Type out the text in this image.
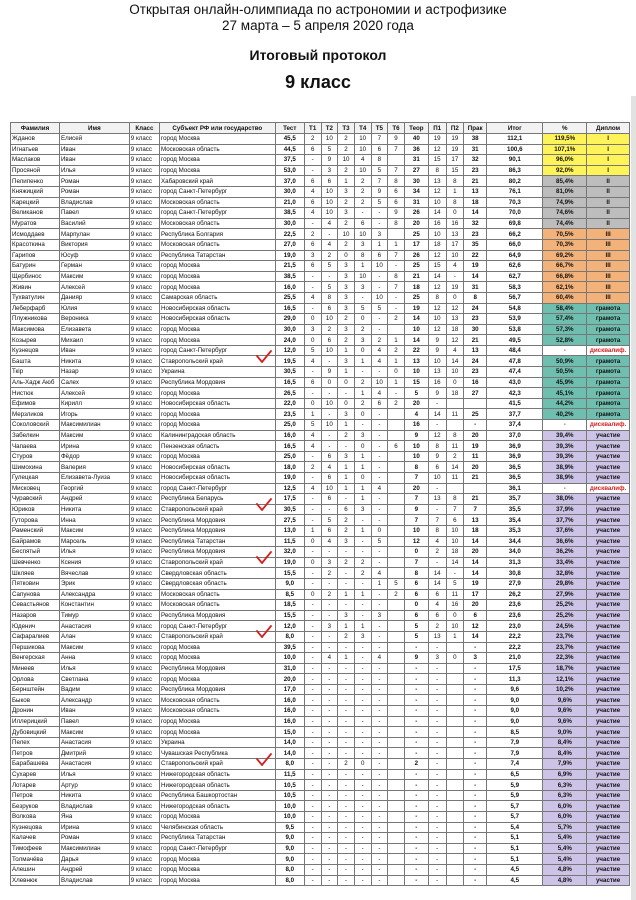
Открытая онлайн-олимпиада по астрономии и астрофизике
27 марта – 5 апреля 2020 года
Итоговый протокол
9 класс
Фамилия	Имя	Класс	Субъект РФ или государство	Тест	Т1	Т2	Т3	Т4	Т5	Т6	Теор	П1	П2	Прак	Итог	%	Диплом
Жданов	Елисей	9 класс	город Москва	45,5	2	10	2	10	7	9	40	19	19	38	112,1	119,5%	I
Игнатьев	Иван	9 класс	Московская область	44,5	6	5	2	10	6	7	36	12	19	31	100,6	107,1%	I
Маслаков	Иван	9 класс	город Москва	37,5	-	9	10	4	8		31	15	17	32	90,1	96,0%	I
Просяной	Илья	9 класс	город Москва	53,0	-	3	2	10	5	7	27	8	15	23	86,3	92,0%	I
Пелипенко	Роман	9 класс	Хабаровский край	37,0	6	6	1	2	7	8	30	13	8	21	80,2	85,4%	II
Княжицкий	Роман	9 класс	город Санкт-Петербург	30,0	4	10	3	2	9	6	34	12	1	13	76,1	81,0%	II
Карецкий	Владислав	9 класс	Московская область	21,0	6	10	2	2	5	6	31	10	8	18	70,3	74,9%	II
Великанов	Павел	9 класс	город Санкт-Петербург	38,5	4	10	3	-	-	9	26	14	0	14	70,0	74,6%	II
Муратов	Василий	9 класс	Московская область	30,0	-	4	2	6	-	8	20	16	16	32	69,8	74,4%	II
Исмоддаев	Марпулан	9 класс	Республика Болгария	22,5	2	-	10	10	3		25	10	13	23	66,2	70,5%	III
Красоткина	Виктория	9 класс	Московская область	27,0	6	4	2	3	1	1	17	18	17	35	66,0	70,3%	III
Гарипов	Юсуф	9 класс	Республика Татарстан	19,0	3	2	0	8	6	7	26	12	10	22	64,9	69,2%	III
Батурин	Герман	9 класс	город Москва	21,5	6	5	3	1	10	-	25	15	4	19	62,6	66,7%	III
Щербинос	Максим	9 класс	город Москва	38,5	-	-	3	10	-	8	21	14	-	14	62,7	66,8%	III
Живин	Алексей	9 класс	город Москва	16,0	-	5	3	3	-	7	18	12	19	31	58,3	62,1%	III
Тухватулин	Данияр	9 класс	Самарская область	25,5	4	8	3	-	10	-	25	8	0	8	56,7	60,4%	III
Леберфарб	Юлия	9 класс	Новосибирская область	16,5	-	6	3	5	5	-	19	12	12	24	54,8	58,4%	грамота
Плужникова	Вероника	9 класс	Новосибирская область	29,0	0	10	2	0	-	2	14	10	13	23	53,9	57,4%	грамота
Максимова	Елизавета	9 класс	город Москва	30,0	3	2	3	2	-		10	12	18	30	53,8	57,3%	грамота
Козырев	Михаил	9 класс	город Москва	24,0	0	6	2	3	2	1	14	9	12	21	49,5	52,8%	грамота
Кузнецов	Иван	9 класс	город Санкт-Петербург	12,0	5	10	1	0	4	2	22	9	4	13	48,4	-	дисквалиф.
Башта	Никита	9 класс	Ставропольский край	19,5	4	-	3	1	4	1	13	10	14	24	47,8	50,9%	грамота
Ткір	Назар	9 класс	Украина	30,5	-	9	1	-	-	0	10	13	10	23	47,4	50,5%	грамота
Аль-Хадж Аюб	Салех	9 класс	Республика Мордовия	16,5	6	0	0	2	10	1	15	16	0	16	43,0	45,9%	грамота
Нистюк	Алексей	9 класс	город Москва	26,5	-	-	-	1	4	-	5	9	18	27	42,3	45,1%	грамота
Ефимов	Кирилл	9 класс	Новосибирская область	22,0	0	10	0	2	6	2	20	-			41,5	44,2%	грамота
Мерзликов	Игорь	9 класс	город Москва	23,5	1	-	3	0	-		4	14	11	25	37,7	40,2%	грамота
Соколовский	Максимилиан	9 класс	город Москва	25,0	5	10	1	-	-		16	-		-	37,4	-	дисквалиф.
Забелкин	Максим	9 класс	Калининградская область	16,0	4	-	2	3	-		9	12	8	20	37,0	39,4%	участие
Чапаева	Ирина	9 класс	Пензенская область	16,5	4	-	-	0	-	6	10	8	11	19	36,9	39,3%	участие
Стуров	Фёдор	9 класс	город Москва	25,0	-	6	3	1	-		10	9	2	11	36,9	39,3%	участие
Шимохина	Валерия	9 класс	Новосибирская область	18,0	2	4	1	1	-		8	6	14	20	36,5	38,9%	участие
Гулецкая	Елизавета-Луиза	9 класс	Новосибирская область	19,0	-	6	1	0	-		7	10	11	21	36,5	38,9%	участие
Мисковец	Георгий	9 класс	город Санкт-Петербург	12,5	4	10	1	1	4		20	-			36,1	-	дисквалиф.
Чуравский	Андрей	9 класс	Республика Беларусь	17,5	-	6	-	1	-		7	13	8	21	35,7	38,0%	участие
Юриков	Никита	9 класс	Ставропольский край	30,5	-	-	6	3	-		9	-	7	7	35,5	37,9%	участие
Гуторова	Инна	9 класс	Республика Мордовия	27,5	-	5	2	-	-		7	7	6	13	35,4	37,7%	участие
Раменский	Максим	9 класс	Республика Мордовия	13,0	1	6	2	1	0		10	8	10	18	35,3	37,6%	участие
Байрамов	Марсель	9 класс	Республика Татарстан	11,5	0	4	3	-	5		12	4	10	14	34,4	36,6%	участие
Беспятый	Илья	9 класс	Республика Мордовия	32,0	-	-	-	-	-		0	2	18	20	34,0	36,2%	участие
Шевченко	Ксения	9 класс	Ставропольский край	19,0	0	3	2	2	-		7	-	14	14	31,3	33,4%	участие
Шкляев	Вячеслав	9 класс	Свердловская область	15,5	-	2	-	2	4		8	14	-	14	30,8	32,8%	участие
Пятковин	Эрик	9 класс	Свердловская область	9,0	-	-	-	-	1	5	6	14	5	19	27,9	29,8%	участие
Сапунова	Александра	9 класс	Московская область	8,5	0	2	1	1	-	2	6	6	11	17	26,2	27,9%	участие
Севастьянов	Константин	9 класс	Московская область	18,5	-	-	-	-	-		0	4	16	20	23,6	25,2%	участие
Назаров	Тимур	9 класс	Республика Мордовия	15,5	-	-	3	-	3		6	6	0	6	23,6	25,2%	участие
Юденич	Анастасия	9 класс	город Санкт-Петербург	12,0	-	3	1	1	-		5	2	10	12	23,0	24,5%	участие
Сафаралиев	Алан	9 класс	Ставропольский край	8,0	-	-	2	3	-		5	13	1	14	22,2	23,7%	участие
Першикова	Максим	9 класс	город Москва	39,5	-	-	-	-	-		-	-		-	22,2	23,7%	участие
Венгерская	Анна	9 класс	город Москва	10,0	-	4	1	-	4		9	3	0	3	21,0	22,3%	участие
Минеев	Илья	9 класс	Республика Мордовия	31,0	-	-	-	-	-		-	-		-	17,5	18,7%	участие
Орлова	Светлана	9 класс	город Москва	20,0	-	-	-	-	-		-	-		-	11,3	12,1%	участие
Бернштейн	Вадим	9 класс	Республика Мордовия	17,0	-	-	-	-	-		-	-		-	9,6	10,2%	участие
Быков	Александр	9 класс	Московская область	16,0	-	-	-	-	-		-	-		-	9,0	9,6%	участие
Дронин	Иван	9 класс	Московская область	16,0	-	-	-	-	-		-	-		-	9,0	9,6%	участие
Иллерицкий	Павел	9 класс	город Москва	16,0	-	-	-	-	-		-	-		-	9,0	9,6%	участие
Дубовицкий	Максим	9 класс	город Москва	15,0	-	-	-	-	-		-	-		-	8,5	9,0%	участие
Пелех	Анастасия	9 класс	Украина	14,0	-	-	-	-	-		-	-		-	7,9	8,4%	участие
Петров	Дмитрий	9 класс	Чувашская Республика	14,0	-	-	-	-	-		-	-		-	7,9	8,4%	участие
Барабашева	Анастасия	9 класс	Ставропольский край	8,0	-	-	2	0	-		2	-		-	7,4	7,9%	участие
Сухарев	Илья	9 класс	Нижегородская область	11,5	-	-	-	-	-		-	-		-	6,5	6,9%	участие
Лотарев	Артур	9 класс	Нижегородская область	10,5	-	-	-	-	-		-	-		-	5,9	6,3%	участие
Петров	Никита	9 класс	Республика Башкортостан	10,5	-	-	-	-	-		-	-		-	5,9	6,3%	участие
Безруков	Владислав	9 класс	Нижегородская область	10,0	-	-	-	-	-		-	-		-	5,7	6,0%	участие
Волкова	Яна	9 класс	город Москва	10,0	-	-	-	-	-		-	-		-	5,7	6,0%	участие
Кузнецова	Ирина	9 класс	Челябинская область	9,5	-	-	-	-	-		-	-		-	5,4	5,7%	участие
Калачев	Роман	9 класс	Республика Татарстан	9,0	-	-	-	-	-		-	-		-	5,1	5,4%	участие
Тимофеев	Максимилиан	9 класс	город Санкт-Петербург	9,0	-	-	-	-	-		-	-		-	5,1	5,4%	участие
Толмачёва	Дарья	9 класс	город Москва	9,0	-	-	-	-	-		-	-		-	5,1	5,4%	участие
Алешин	Андрей	9 класс	город Москва	8,0	-	-	-	-	-		-	-		-	4,5	4,8%	участие
Хлевнюк	Владислав	9 класс	город Москва	8,0	-	-	-	-	-		-	-		-	4,5	4,8%	участие
